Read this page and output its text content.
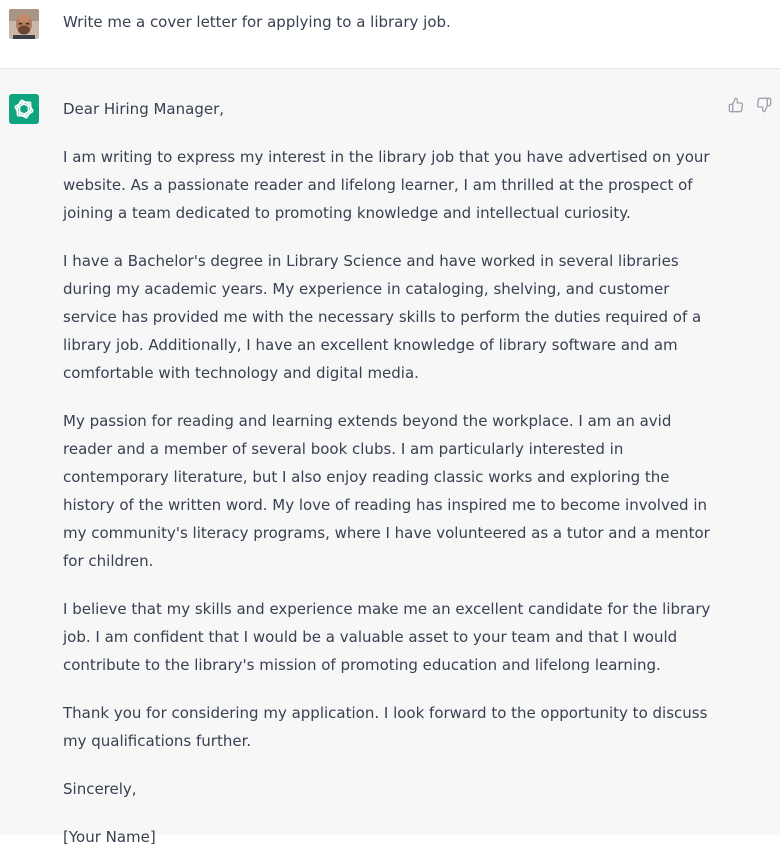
Write me a cover letter for applying to a library job.

Dear Hiring Manager,

I am writing to express my interest in the library job that you have advertised on your website. As a passionate reader and lifelong learner, I am thrilled at the prospect of joining a team dedicated to promoting knowledge and intellectual curiosity.

I have a Bachelor's degree in Library Science and have worked in several libraries during my academic years. My experience in cataloging, shelving, and customer service has provided me with the necessary skills to perform the duties required of a library job. Additionally, I have an excellent knowledge of library software and am comfortable with technology and digital media.

My passion for reading and learning extends beyond the workplace. I am an avid reader and a member of several book clubs. I am particularly interested in contemporary literature, but I also enjoy reading classic works and exploring the history of the written word. My love of reading has inspired me to become involved in my community's literacy programs, where I have volunteered as a tutor and a mentor for children.

I believe that my skills and experience make me an excellent candidate for the library job. I am confident that I would be a valuable asset to your team and that I would contribute to the library's mission of promoting education and lifelong learning.

Thank you for considering my application. I look forward to the opportunity to discuss my qualifications further.

Sincerely,

[Your Name]
